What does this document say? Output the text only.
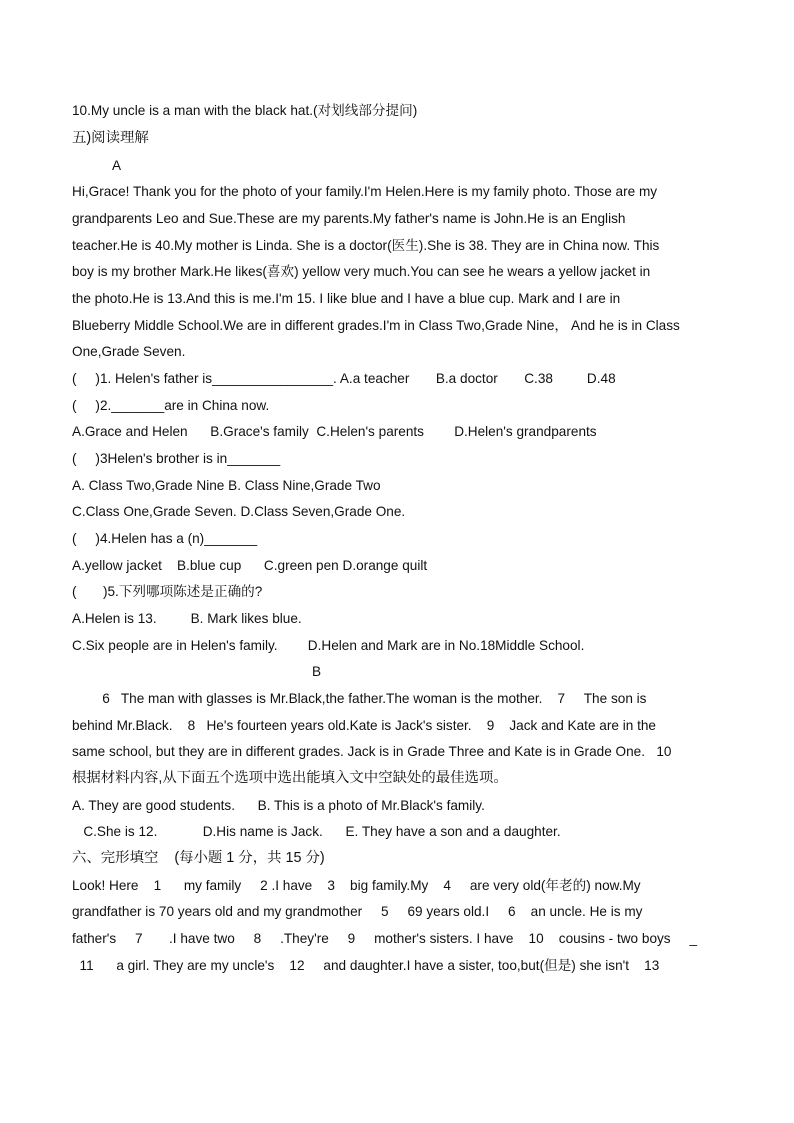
10.My uncle is a man with the black hat.(对划线部分提问)
五)阅读理解
A
Hi,Grace! Thank you for the photo of your family.I'm Helen.Here is my family photo. Those are my
grandparents Leo and Sue.These are my parents.My father's name is John.He is an English
teacher.He is 40.My mother is Linda. She is a doctor(医生).She is 38. They are in China now. This
boy is my brother Mark.He likes(喜欢) yellow very much.You can see he wears a yellow jacket in
the photo.He is 13.And this is me.I'm 15. I like blue and I have a blue cup. Mark and I are in
Blueberry Middle School.We are in different grades.I'm in Class Two,Grade Nine， And he is in Class
One,Grade Seven.
(     )1. Helen's father is________________. A.a teacher       B.a doctor       C.38         D.48
(     )2._______are in China now.
A.Grace and Helen      B.Grace's family  C.Helen's parents        D.Helen's grandparents
(     )3Helen's brother is in_______
A. Class Two,Grade Nine B. Class Nine,Grade Two
C.Class One,Grade Seven. D.Class Seven,Grade One.
(     )4.Helen has a (n)_______
A.yellow jacket    B.blue cup      C.green pen D.orange quilt
(       )5.下列哪项陈述是正确的?
A.Helen is 13.         B. Mark likes blue.
C.Six people are in Helen's family.        D.Helen and Mark are in No.18Middle School.
B
6   The man with glasses is Mr.Black,the father.The woman is the mother.    7     The son is
behind Mr.Black.    8   He's fourteen years old.Kate is Jack's sister.    9    Jack and Kate are in the
same school, but they are in different grades. Jack is in Grade Three and Kate is in Grade One.   10
根据材料内容,从下面五个选项中选出能填入文中空缺处的最佳选项。
A. They are good students.      B. This is a photo of Mr.Black's family.
C.She is 12.            D.His name is Jack.      E. They have a son and a daughter.
六、完形填空    (每小题 1 分，共 15 分)
Look! Here    1      my family     2 .I have    3    big family.My    4     are very old(年老的) now.My
grandfather is 70 years old and my grandmother     5     69 years old.I     6    an uncle. He is my
father's     7       .I have two     8     .They're     9     mother's sisters. I have    10    cousins - two boys     _
11      a girl. They are my uncle's    12     and daughter.I have a sister, too,but(但是) she isn't    13
